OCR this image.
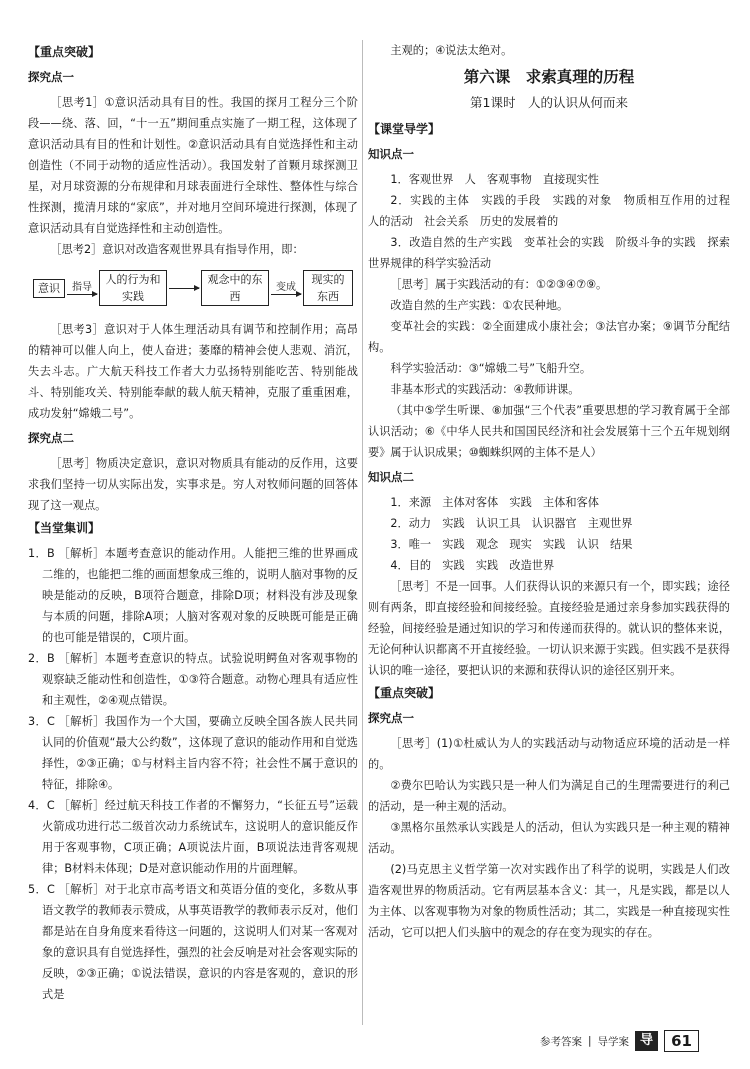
【重点突破】
探究点一

［思考1］①意识活动具有目的性。我国的探月工程分三个阶段——绕、落、回，“十一五”期间重点实施了一期工程，这体现了意识活动具有目的性和计划性。②意识活动具有自觉选择性和主动创造性（不同于动物的适应性活动）。我国发射了首颗月球探测卫星，对月球资源的分布规律和月球表面进行全球性、整体性与综合性探测，揽清月球的“家底”，并对地月空间环境进行探测，体现了意识活动具有自觉选择性和主动创造性。

［思考2］意识对改造客观世界具有指导作用，即：

意识	指导
人的行为和实践
观念中的东西
变成
现实的东西

［思考3］意识对于人体生理活动具有调节和控制作用；高昂的精神可以催人向上，使人奋进；萎靡的精神会使人悲观、消沉，失去斗志。广大航天科技工作者大力弘扬特别能吃苦、特别能战斗、特别能攻关、特别能奉献的载人航天精神，克服了重重困难，成功发射“嫦娥二号”。

探究点二

［思考］物质决定意识，意识对物质具有能动的反作用，这要求我们坚持一切从实际出发，实事求是。穷人对牧师问题的回答体现了这一观点。

【当堂集训】

1．B ［解析］本题考查意识的能动作用。人能把三维的世界画成二维的，也能把二维的画面想象成三维的，说明人脑对事物的反映是能动的反映，B项符合题意，排除D项；材料没有涉及现象与本质的问题，排除A项；人脑对客观对象的反映既可能是正确的也可能是错误的，C项片面。

2．B ［解析］本题考查意识的特点。试验说明鳄鱼对客观事物的观察缺乏能动性和创造性，①③符合题意。动物心理具有适应性和主观性，②④观点错误。

3．C ［解析］我国作为一个大国，要确立反映全国各族人民共同认同的价值观“最大公约数”，这体现了意识的能动作用和自觉选择性，②③正确；①与材料主旨内容不符；社会性不属于意识的特征，排除④。

4．C ［解析］经过航天科技工作者的不懈努力，“长征五号”运载火箭成功进行芯二级首次动力系统试车，这说明人的意识能反作用于客观事物，C项正确；A项说法片面，B项说法违背客观规律；B材料未体现；D是对意识能动作用的片面理解。

5．C ［解析］对于北京市高考语文和英语分值的变化，多数从事语文教学的教师表示赞成，从事英语教学的教师表示反对，他们都是站在自身角度来看待这一问题的，这说明人们对某一客观对象的意识具有自觉选择性，强烈的社会反响是对社会客观实际的反映，②③正确；①说法错误，意识的内容是客观的，意识的形式是

主观的；④说法太绝对。

第六课　求索真理的历程
第1课时　人的认识从何而来
【课堂导学】
知识点一

1．客观世界　人　客观事物　直接现实性

2．实践的主体　实践的手段　实践的对象　物质相互作用的过程　人的活动　社会关系　历史的发展着的

3．改造自然的生产实践　变革社会的实践　阶级斗争的实践　探索世界规律的科学实验活动

［思考］属于实践活动的有：①②③④⑦⑨。

改造自然的生产实践：①农民种地。

变革社会的实践：②全面建成小康社会；③法官办案；⑨调节分配结构。

科学实验活动：③“嫦娥二号”飞船升空。

非基本形式的实践活动：④教师讲课。

（其中⑤学生听课、⑧加强“三个代表”重要思想的学习教育属于全部认识活动；⑥《中华人民共和国国民经济和社会发展第十三个五年规划纲要》属于认识成果；⑩蜘蛛织网的主体不是人）

知识点二

1．来源　主体对客体　实践　主体和客体

2．动力　实践　认识工具　认识器官　主观世界

3．唯一　实践　观念　现实　实践　认识　结果

4．目的　实践　实践　改造世界

［思考］不是一回事。人们获得认识的来源只有一个，即实践；途径则有两条，即直接经验和间接经验。直接经验是通过亲身参加实践获得的经验，间接经验是通过知识的学习和传递而获得的。就认识的整体来说，无论何种认识都离不开直接经验。一切认识来源于实践。但实践不是获得认识的唯一途径，要把认识的来源和获得认识的途径区别开来。

【重点突破】
探究点一

［思考］(1)①杜威认为人的实践活动与动物适应环境的活动是一样的。

②费尔巴哈认为实践只是一种人们为满足自己的生理需要进行的利己的活动，是一种主观的活动。

③黑格尔虽然承认实践是人的活动，但认为实践只是一种主观的精神活动。

(2)马克思主义哲学第一次对实践作出了科学的说明，实践是人们改造客观世界的物质活动。它有两层基本含义：其一，凡是实践，都是以人为主体、以客观事物为对象的物质性活动；其二，实践是一种直接现实性活动，它可以把人们头脑中的观念的存在变为现实的存在。

参考答案 | 导学案 导	61
